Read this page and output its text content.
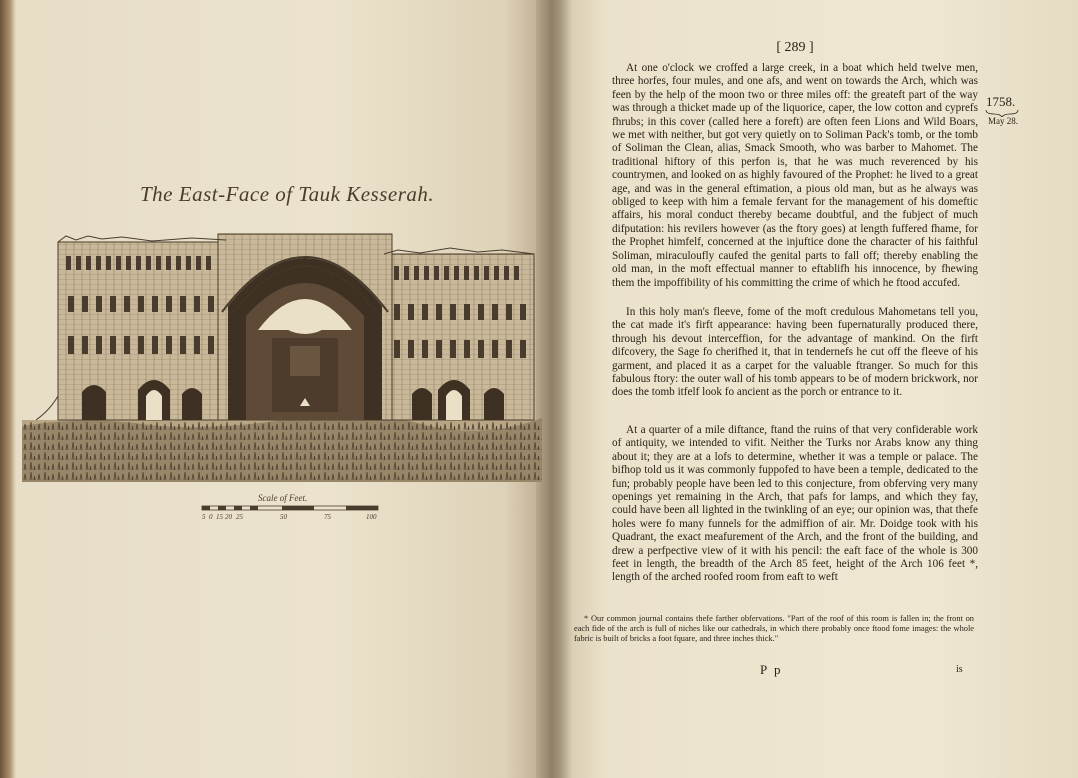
The East-Face of Tauk Kesserah.
Scale of Feet.
5 0 15 20 25	50	75	100
[ 289 ]
1758.
May 28.

At one o'clock we croffed a large creek, in a boat which held twelve men, three horfes, four mules, and one afs, and went on towards the Arch, which was feen by the help of the moon two or three miles off: the greateft part of the way was through a thicket made up of the liquorice, caper, the low cotton and cyprefs fhrubs; in this cover (called here a foreft) are often feen Lions and Wild Boars, we met with neither, but got very quietly on to Soliman Pack's tomb, or the tomb of Soliman the Clean, alias, Smack Smooth, who was barber to Mahomet. The traditional hiftory of this perfon is, that he was much reverenced by his countrymen, and looked on as highly favoured of the Prophet: he lived to a great age, and was in the general eftimation, a pious old man, but as he always was obliged to keep with him a female fervant for the management of his domeftic affairs, his moral conduct thereby became doubtful, and the fubject of much difputation: his revilers however (as the ftory goes) at length fuffered fhame, for the Prophet himfelf, concerned at the injuftice done the character of his faithful Soliman, miraculoufly caufed the genital parts to fall off; thereby enabling the old man, in the moft effectual manner to eftablifh his innocence, by fhewing them the impoffibility of his committing the crime of which he ftood accufed.

In this holy man's fleeve, fome of the moft credulous Mahometans tell you, the cat made it's firft appearance: having been fupernaturally produced there, through his devout interceffion, for the advantage of mankind. On the firft difcovery, the Sage fo cherifhed it, that in tendernefs he cut off the fleeve of his garment, and placed it as a carpet for the valuable ftranger. So much for this fabulous ftory: the outer wall of his tomb appears to be of modern brickwork, nor does the tomb itfelf look fo ancient as the porch or entrance to it.

At a quarter of a mile diftance, ftand the ruins of that very confiderable work of antiquity, we intended to vifit. Neither the Turks nor Arabs know any thing about it; they are at a lofs to determine, whether it was a temple or palace. The bifhop told us it was commonly fuppofed to have been a temple, dedicated to the fun; probably people have been led to this conjecture, from obferving very many openings yet remaining in the Arch, that pafs for lamps, and which they fay, could have been all lighted in the twinkling of an eye; our opinion was, that thefe holes were fo many funnels for the admiffion of air. Mr. Doidge took with his Quadrant, the exact meafurement of the Arch, and the front of the building, and drew a perfpective view of it with his pencil: the eaft face of the whole is 300 feet in length, the breadth of the Arch 85 feet, height of the Arch 106 feet *, length of the arched roofed room from eaft to weft

* Our common journal contains thefe farther obfervations. "Part of the roof of this room is fallen in; the front on each fide of the arch is full of niches like our cathedrals, in which there probably once ftood fome images: the whole fabric is built of bricks a foot fquare, and three inches thick."
P p	is
